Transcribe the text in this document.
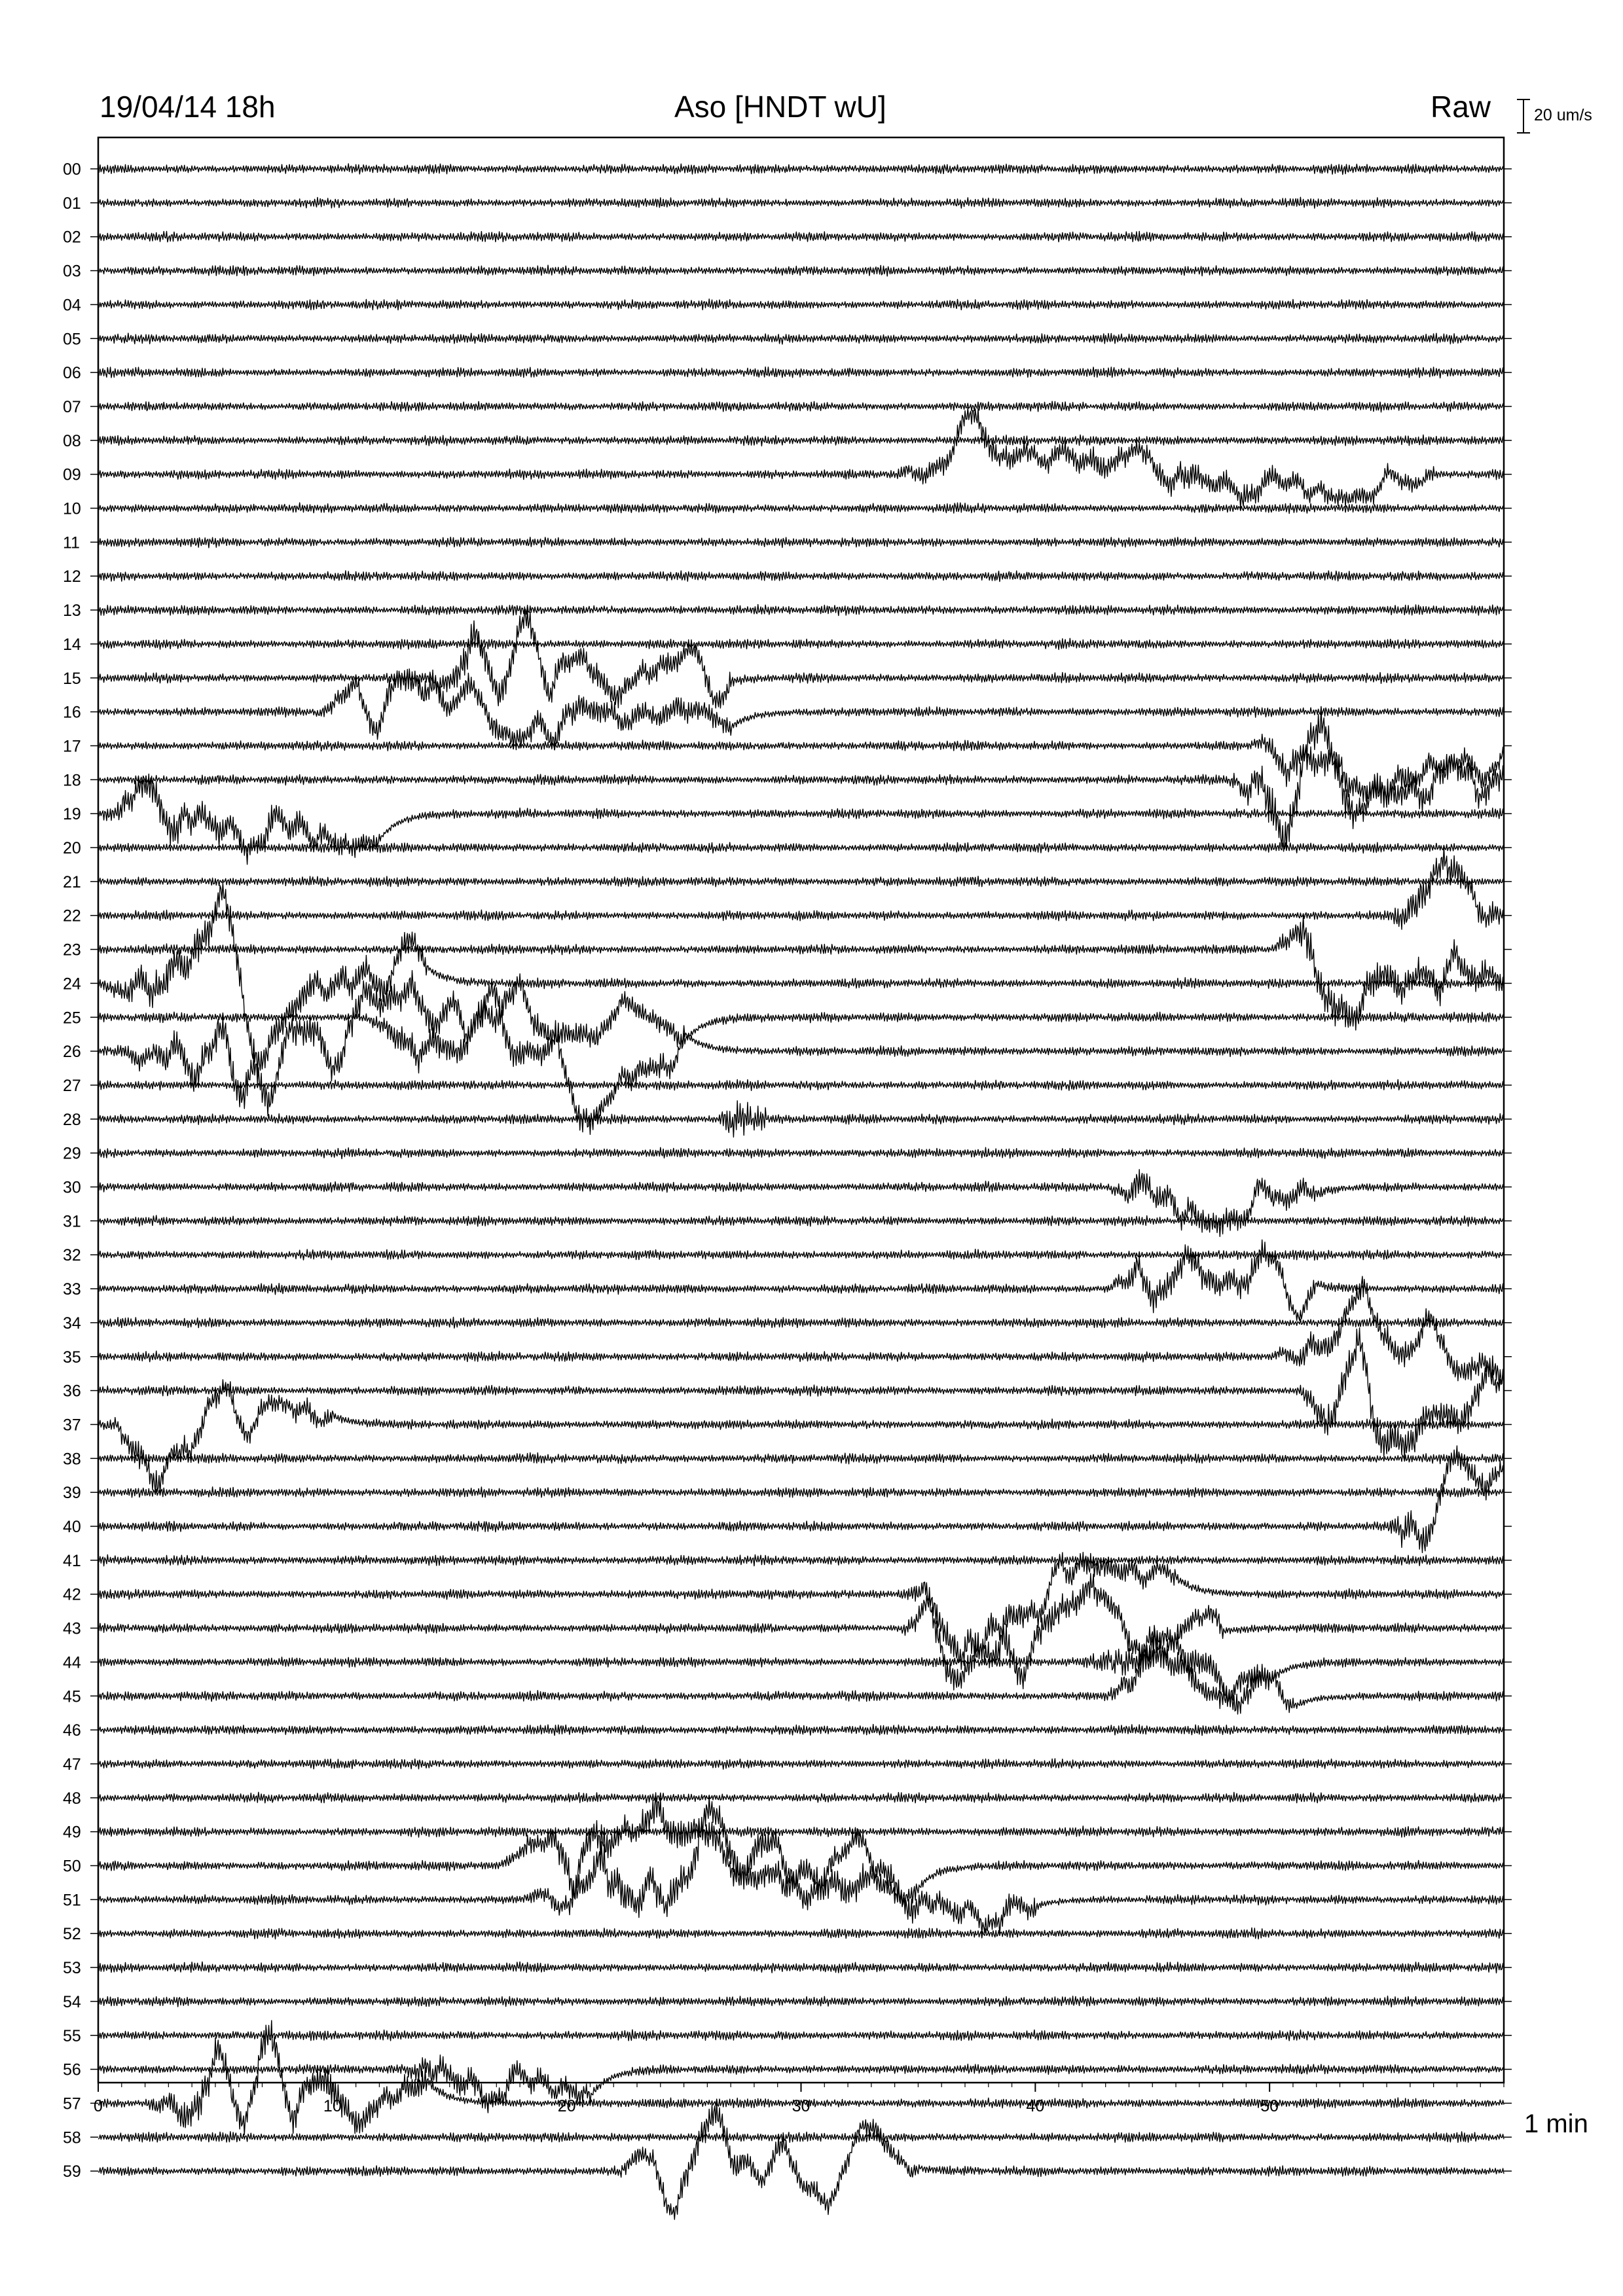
19/04/14 18h	Aso [HNDT wU]	Raw	20 um/s
1 min
00
01
02
03
04
05
06
07
08
09
10
11
12
13
14
15
16
17
18
19
20
21
22
23
24
25
26
27
28
29
30
31
32
33
34
35
36
37
38
39
40
41
42
43
44
45
46
47
48
49
50
51
52
53
54
55
56
57
58
59
0	10	20	30	40	50
